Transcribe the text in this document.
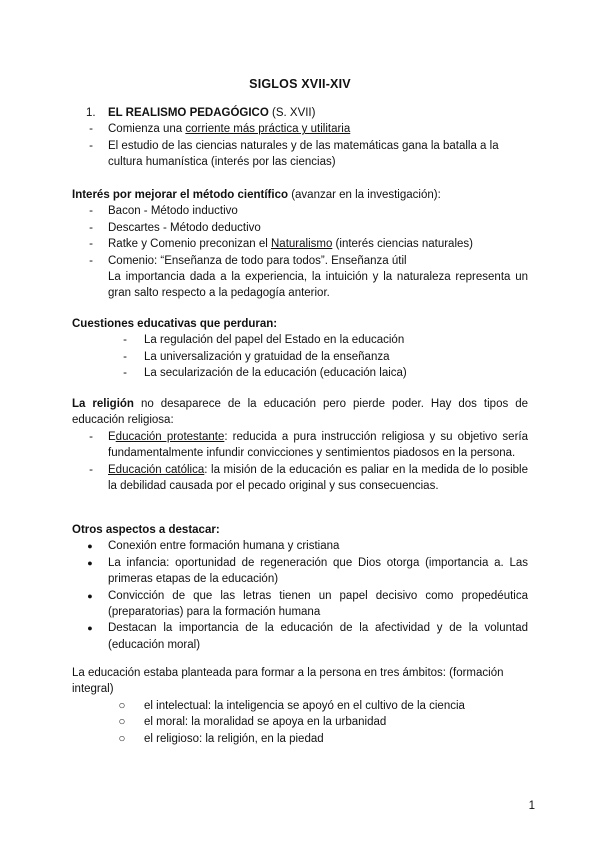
SIGLOS XVII-XIV
1.	EL REALISMO PEDAGÓGICO (S. XVII)
- Comienza una corriente más práctica y utilitaria
- El estudio de las ciencias naturales y de las matemáticas gana la batalla a la cultura humanística (interés por las ciencias)
Interés por mejorar el método científico (avanzar en la investigación):
- Bacon - Método inductivo
- Descartes - Método deductivo
- Ratke y Comenio preconizan el Naturalismo (interés ciencias naturales)
- Comenio: “Enseñanza de todo para todos”. Enseñanza útil
La importancia dada a la experiencia, la intuición y la naturaleza representa un gran salto respecto a la pedagogía anterior.
Cuestiones educativas que perduran:
- La regulación del papel del Estado en la educación
- La universalización y gratuidad de la enseñanza
- La secularización de la educación (educación laica)
La religión no desaparece de la educación pero pierde poder. Hay dos tipos de educación religiosa:
- Educación protestante: reducida a pura instrucción religiosa y su objetivo sería fundamentalmente infundir convicciones y sentimientos piadosos en la persona.
- Educación católica: la misión de la educación es paliar en la medida de lo posible la debilidad causada por el pecado original y sus consecuencias.
Otros aspectos a destacar:
● Conexión entre formación humana y cristiana
● La infancia: oportunidad de regeneración que Dios otorga (importancia a. Las primeras etapas de la educación)
● Convicción de que las letras tienen un papel decisivo como propedéutica (preparatorias) para la formación humana
● Destacan la importancia de la educación de la afectividad y de la voluntad (educación moral)
La educación estaba planteada para formar a la persona en tres ámbitos: (formación integral)
○ el intelectual: la inteligencia se apoyó en el cultivo de la ciencia
○ el moral: la moralidad se apoya en la urbanidad
○ el religioso: la religión, en la piedad
1
